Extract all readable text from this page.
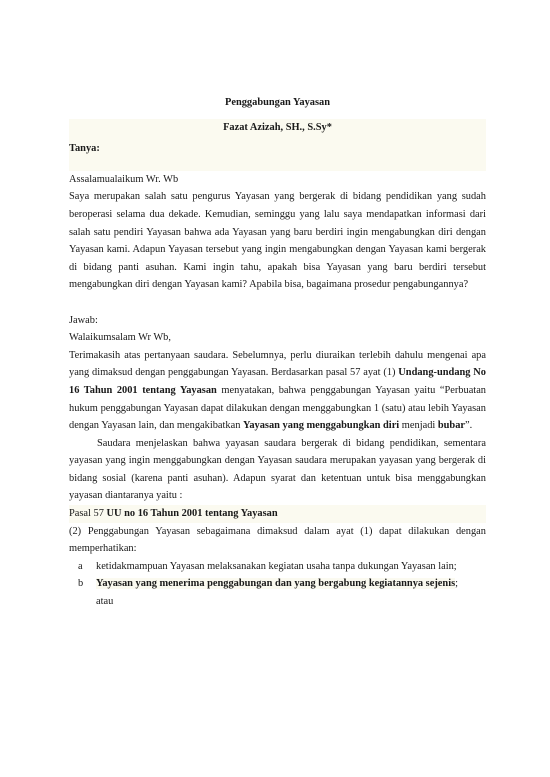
Penggabungan Yayasan

Fazat Azizah, SH., S.Sy*

Tanya:

Assalamualaikum Wr. Wb

Saya merupakan salah satu pengurus Yayasan yang bergerak di bidang pendidikan yang sudah beroperasi selama dua dekade. Kemudian, seminggu yang lalu saya mendapatkan informasi dari salah satu pendiri Yayasan bahwa ada Yayasan yang baru berdiri ingin mengabungkan diri dengan Yayasan kami. Adapun Yayasan tersebut yang ingin mengabungkan dengan Yayasan kami bergerak di bidang panti asuhan. Kami ingin tahu, apakah bisa Yayasan yang baru berdiri tersebut mengabungkan diri dengan Yayasan kami? Apabila bisa, bagaimana prosedur pengabungannya?

Jawab:

Walaikumsalam Wr Wb,

Terimakasih atas pertanyaan saudara. Sebelumnya, perlu diuraikan terlebih dahulu mengenai apa yang dimaksud dengan penggabungan Yayasan. Berdasarkan pasal 57 ayat (1) Undang-undang No 16 Tahun 2001 tentang Yayasan menyatakan, bahwa penggabungan Yayasan yaitu “Perbuatan hukum penggabungan Yayasan dapat dilakukan dengan menggabungkan 1 (satu) atau lebih Yayasan dengan Yayasan lain, dan mengakibatkan Yayasan yang menggabungkan diri menjadi bubar”.

Saudara menjelaskan bahwa yayasan saudara bergerak di bidang pendidikan, sementara yayasan yang ingin menggabungkan dengan Yayasan saudara merupakan yayasan yang bergerak di bidang sosial (karena panti asuhan). Adapun syarat dan ketentuan untuk bisa menggabungkan yayasan diantaranya yaitu :

Pasal 57 UU no 16 Tahun 2001 tentang Yayasan

(2) Penggabungan Yayasan sebagaimana dimaksud dalam ayat (1) dapat dilakukan dengan memperhatikan:

a ketidakmampuan Yayasan melaksanakan kegiatan usaha tanpa dukungan Yayasan lain;
b Yayasan yang menerima penggabungan dan yang bergabung kegiatannya sejenis;
atau
